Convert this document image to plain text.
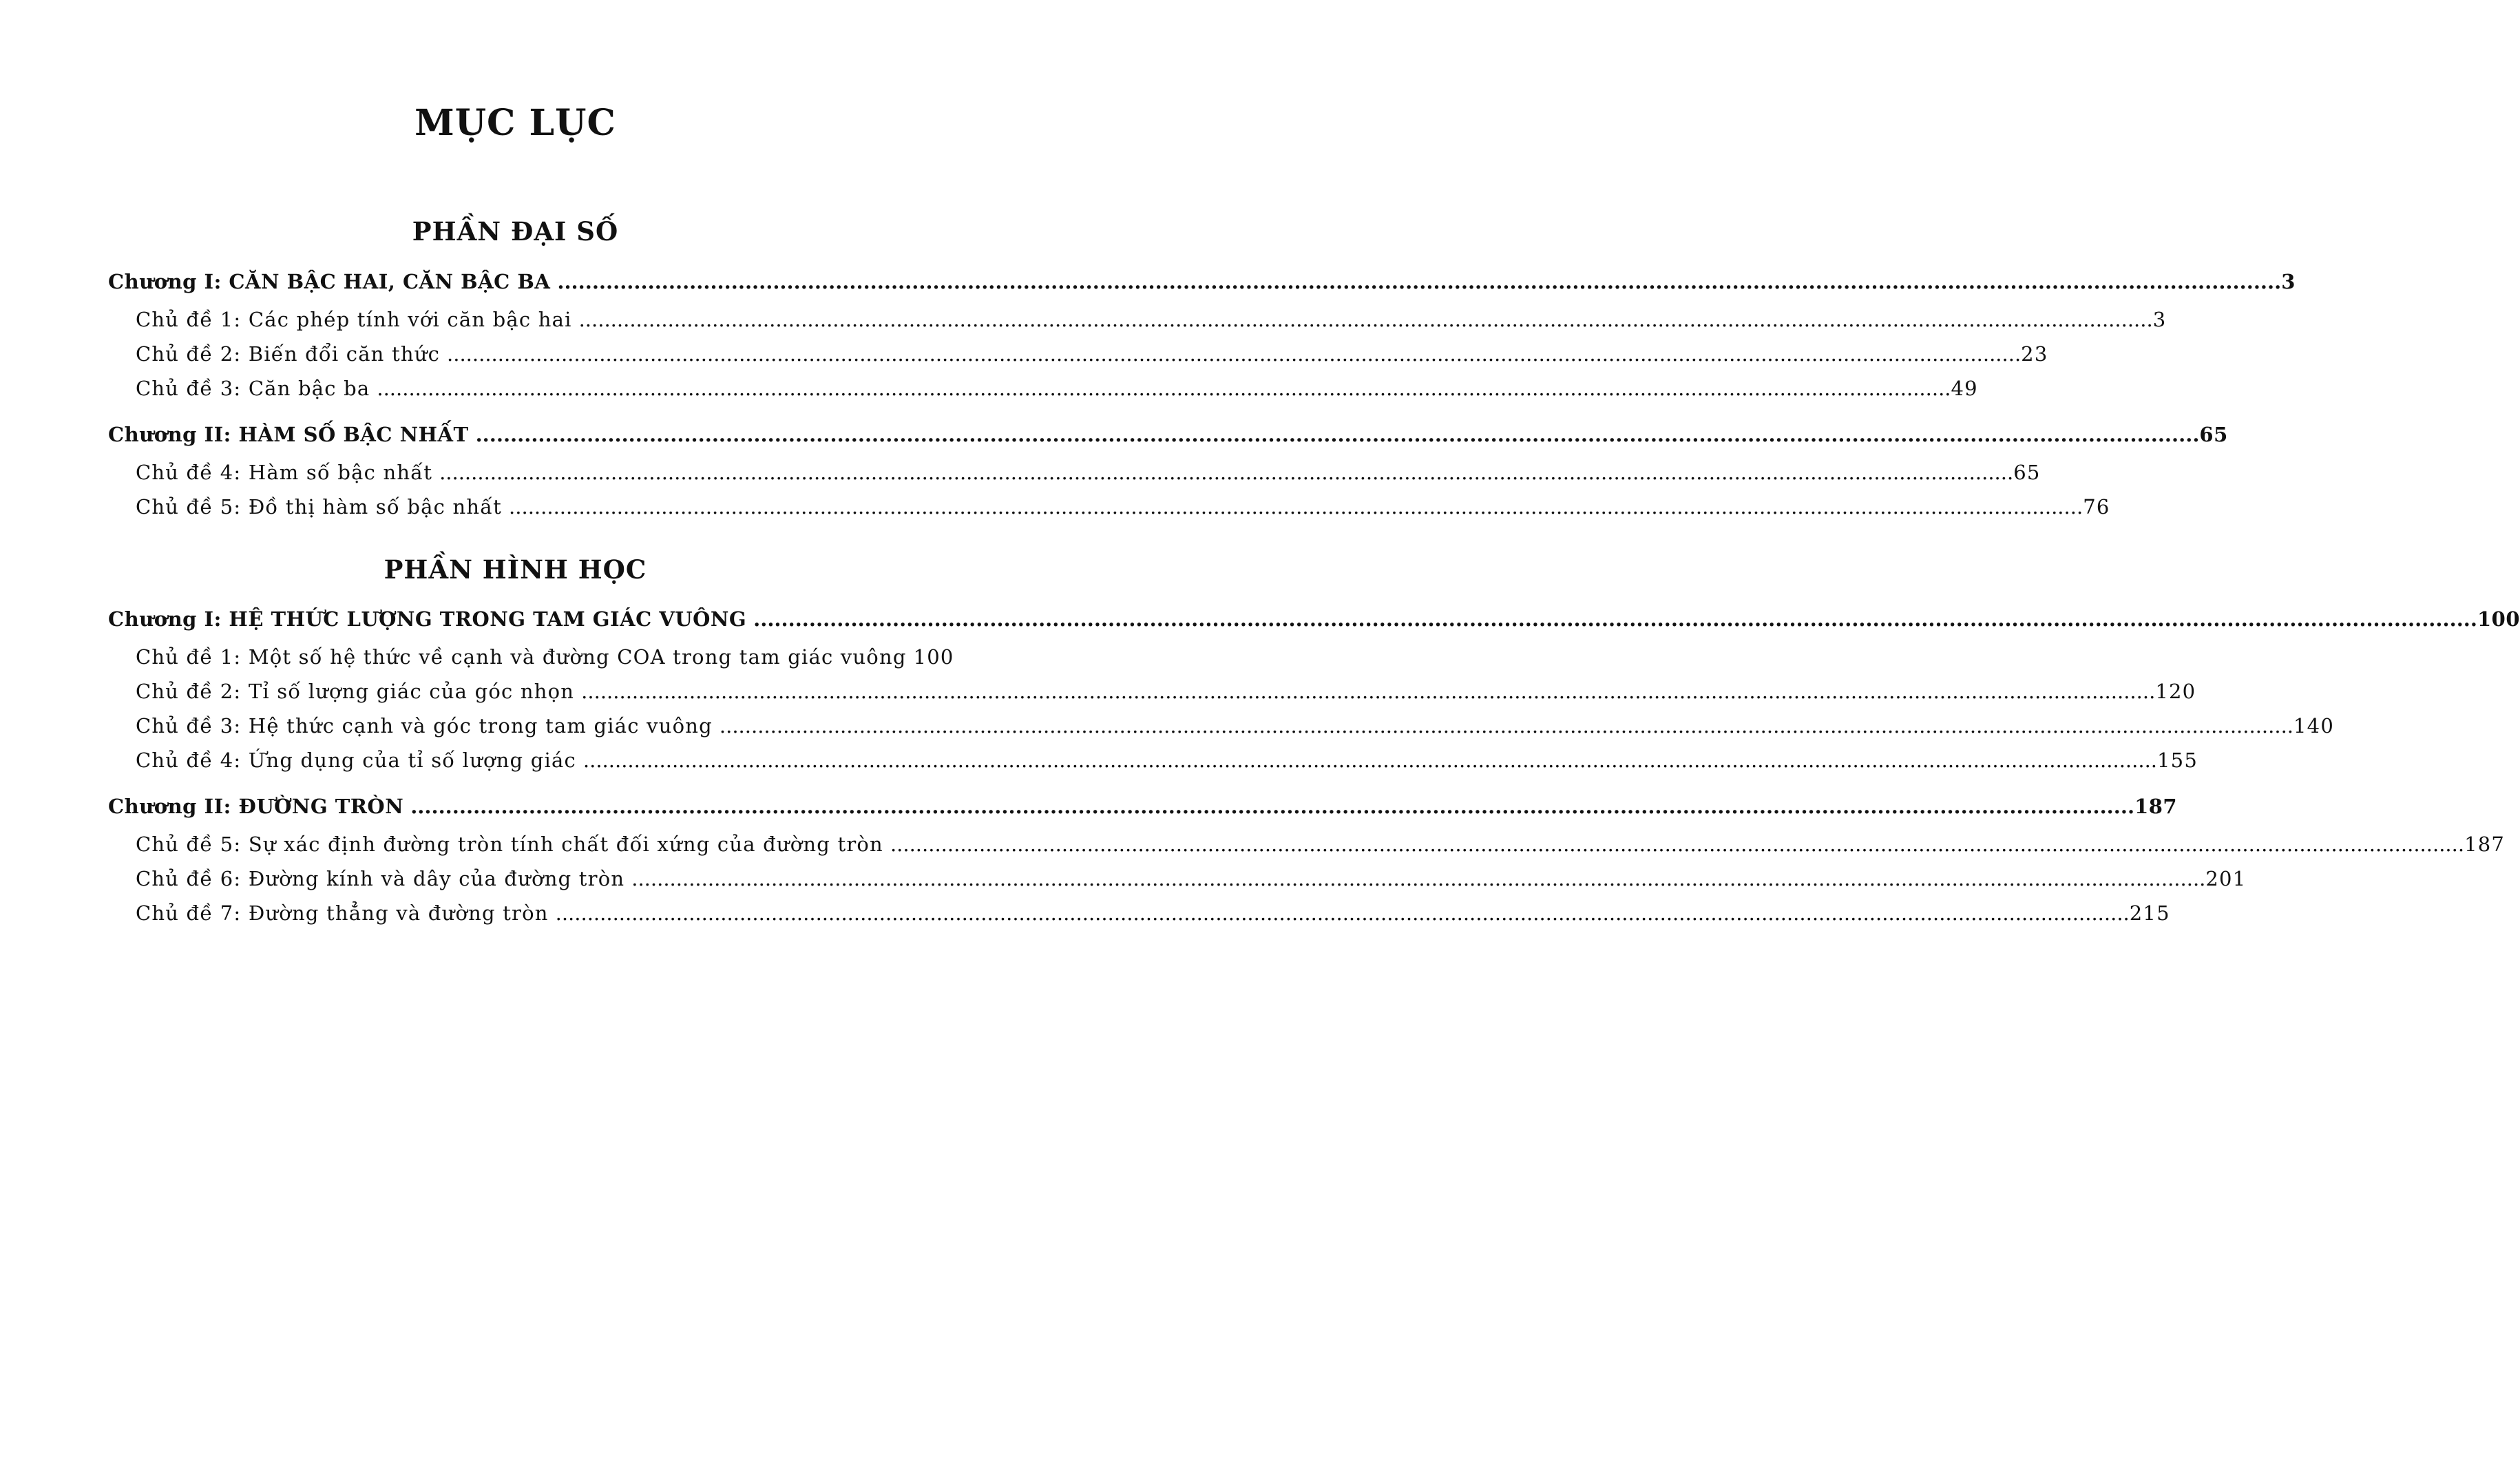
MỤC LỤC
PHẦN ĐẠI SỐ
Chương I: CĂN BẬC HAI, CĂN BẬC BA .....	3
Chủ đề 1: Các phép tính với căn bậc hai .....	3
Chủ đề 2: Biến đổi căn thức .....	23
Chủ đề 3: Căn bậc ba .....	49
Chương II: HÀM SỐ BẬC NHẤT .....	65
Chủ đề 4: Hàm số bậc nhất .....	65
Chủ đề 5: Đồ thị hàm số bậc nhất .....	76
PHẦN HÌNH HỌC
Chương I: HỆ THỨC LƯỢNG TRONG TAM GIÁC VUÔNG .....	100
Chủ đề 1: Một số hệ thức về cạnh và đường COA trong tam giác vuông 100
Chủ đề 2: Tỉ số lượng giác của góc nhọn .....	120
Chủ đề 3: Hệ thức cạnh và góc trong tam giác vuông .....	140
Chủ đề 4: Ứng dụng của tỉ số lượng giác .....	155
Chương II: ĐƯỜNG TRÒN .....	187
Chủ đề 5: Sự xác định đường tròn tính chất đối xứng của đường tròn .....	187
Chủ đề 6: Đường kính và dây của đường tròn .....	201
Chủ đề 7: Đường thẳng và đường tròn .....	215
